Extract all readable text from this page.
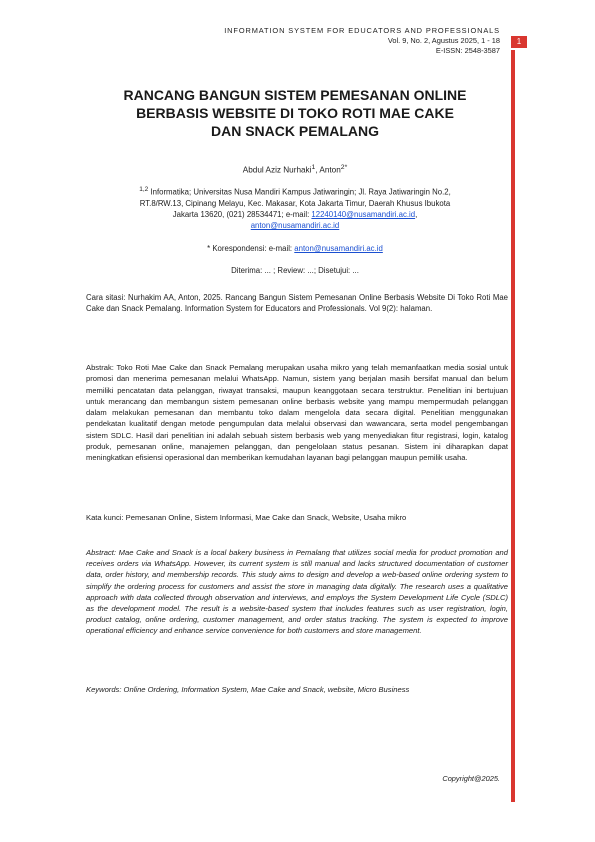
INFORMATION SYSTEM FOR EDUCATORS AND PROFESSIONALS
Vol. 9, No. 2, Agustus 2025, 1 - 18
E-ISSN: 2548-3587
1
RANCANG BANGUN SISTEM PEMESANAN ONLINE
BERBASIS WEBSITE DI TOKO ROTI MAE CAKE
DAN SNACK PEMALANG
Abdul Aziz Nurhaki$^1$, Anton$^{2*}$
$^{1,2}$ Informatika; Universitas Nusa Mandiri Kampus Jatiwaringin; Jl. Raya Jatiwaringin No.2,
RT.8/RW.13, Cipinang Melayu, Kec. Makasar, Kota Jakarta Timur, Daerah Khusus Ibukota
Jakarta 13620, (021) 28534471; e-mail: 12240140@nusamandiri.ac.id,
anton@nusamandiri.ac.id
* Korespondensi: e-mail: anton@nusamandiri.ac.id
Diterima: ... ; Review: ...; Disetujui: ...
Cara sitasi: Nurhakim AA, Anton, 2025. Rancang Bangun Sistem Pemesanan Online Berbasis Website Di Toko Roti Mae Cake dan Snack Pemalang. Information System for Educators and Professionals. Vol 9(2): halaman.
Abstrak: Toko Roti Mae Cake dan Snack Pemalang merupakan usaha mikro yang telah memanfaatkan media sosial untuk promosi dan menerima pemesanan melalui WhatsApp. Namun, sistem yang berjalan masih bersifat manual dan belum memiliki pencatatan data pelanggan, riwayat transaksi, maupun keanggotaan secara terstruktur. Penelitian ini bertujuan untuk merancang dan membangun sistem pemesanan online berbasis website yang mampu mempermudah pelanggan dalam melakukan pemesanan dan membantu toko dalam mengelola data secara digital. Penelitian menggunakan pendekatan kualitatif dengan metode pengumpulan data melalui observasi dan wawancara, serta model pengembangan sistem SDLC. Hasil dari penelitian ini adalah sebuah sistem berbasis web yang menyediakan fitur registrasi, login, katalog produk, pemesanan online, manajemen pelanggan, dan pengelolaan status pesanan. Sistem ini diharapkan dapat meningkatkan efisiensi operasional dan memberikan kemudahan layanan bagi pelanggan maupun pemilik usaha.
Kata kunci: Pemesanan Online, Sistem Informasi, Mae Cake dan Snack, Website, Usaha mikro
Abstract: Mae Cake and Snack is a local bakery business in Pemalang that utilizes social media for product promotion and receives orders via WhatsApp. However, its current system is still manual and lacks structured documentation of customer data, order history, and membership records. This study aims to design and develop a web-based online ordering system to simplify the ordering process for customers and assist the store in managing data digitally. The research uses a qualitative approach with data collected through observation and interviews, and employs the System Development Life Cycle (SDLC) as the development model. The result is a website-based system that includes features such as user registration, login, product catalog, online ordering, customer management, and order status tracking. The system is expected to improve operational efficiency and enhance service convenience for both customers and store management.
Keywords: Online Ordering, Information System, Mae Cake and Snack, website, Micro Business
Copyright@2025.
